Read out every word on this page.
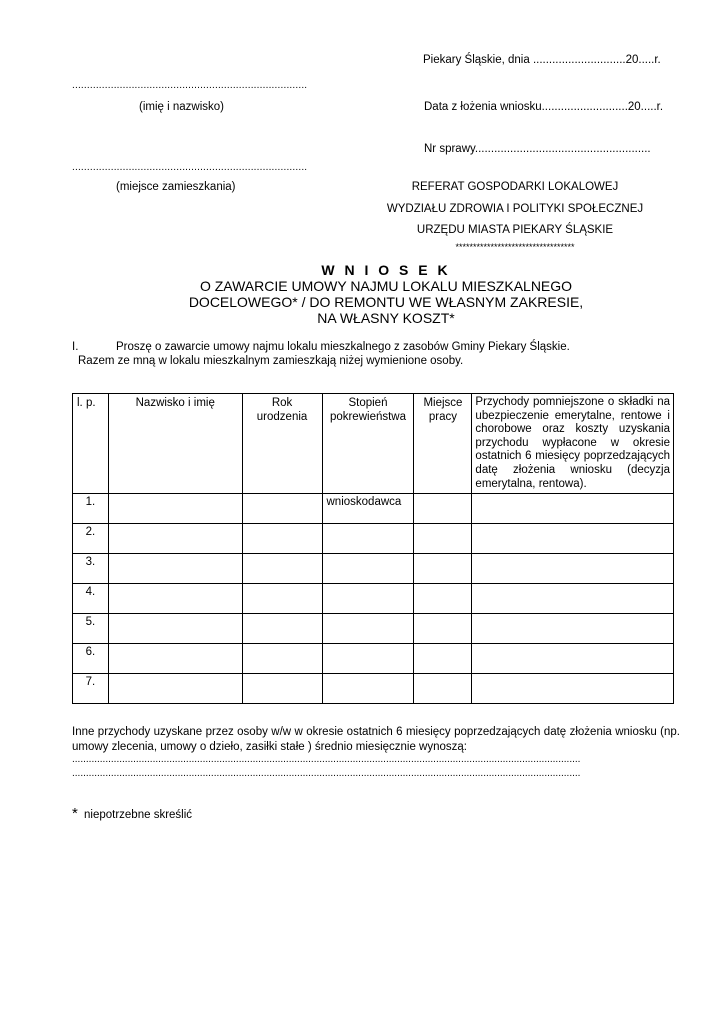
Piekary Śląskie, dnia .............................20.....r.
...............................................................................
(imię i nazwisko)	Data z łożenia wniosku...........................20.....r.
Nr sprawy.......................................................
...............................................................................
(miejsce zamieszkania)	REFERAT GOSPODARKI LOKALOWEJ
WYDZIAŁU ZDROWIA I POLITYKI SPOŁECZNEJ
URZĘDU MIASTA PIEKARY ŚLĄSKIE
**********************************
W N I O S E K
O ZAWARCIE UMOWY NAJMU LOKALU MIESZKALNEGO
DOCELOWEGO* / DO REMONTU WE WŁASNYM ZAKRESIE,
NA WŁASNY KOSZT*
I.	Proszę o zawarcie umowy najmu lokalu mieszkalnego z zasobów Gminy Piekary Śląskie.
Razem ze mną w lokalu mieszkalnym zamieszkają niżej wymienione osoby.
l. p.	Nazwisko i imię	Rok urodzenia	Stopień pokrewieństwa	Miejsce pracy	Przychody pomniejszone o składki na ubezpieczenie emerytalne, rentowe i chorobowe oraz koszty uzyskania przychodu wypłacone w okresie ostatnich 6 miesięcy poprzedzających datę złożenia wniosku (decyzja emerytalna, rentowa).
1.			wnioskodawca		
2.					
3.					
4.					
5.					
6.					
7.					
Inne przychody uzyskane przez osoby w/w w okresie ostatnich 6 miesięcy poprzedzających datę złożenia wniosku (np. umowy zlecenia, umowy o dzieło, zasiłki stałe ) średnio miesięcznie wynoszą:
.......................................................................................................................................................................................
.......................................................................................................................................................................................
* niepotrzebne skreślić
